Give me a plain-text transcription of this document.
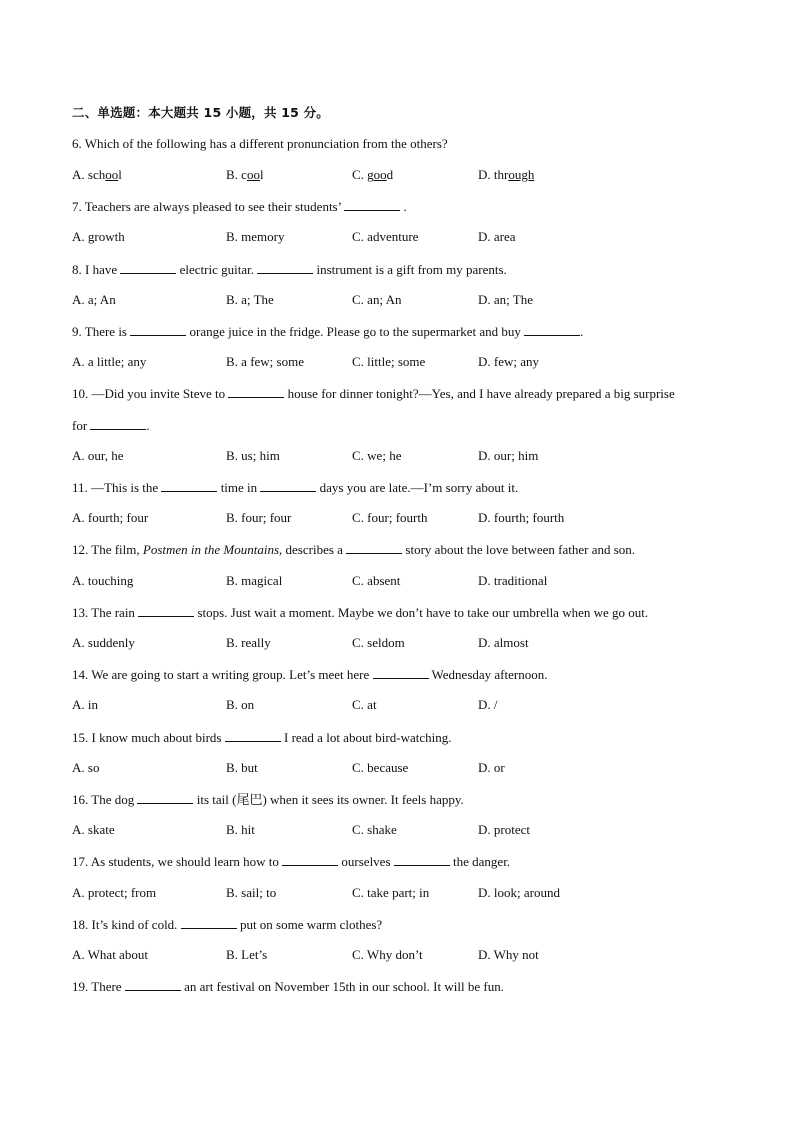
二、单选题：本大题共 15 小题，共 15 分。
6. Which of the following has a different pronunciation from the others?
A. school	B. cool	C. good	D. through
7. Teachers are always pleased to see their students’	.
A. growth	B. memory	C. adventure	D. area
8. I have	electric guitar.	instrument is a gift from my parents.
A. a; An	B. a; The	C. an; An	D. an; The
9. There is	orange juice in the fridge. Please go to the supermarket and buy	.
A. a little; any	B. a few; some	C. little; some	D. few; any
10. —Did you invite Steve to	house for dinner tonight?—Yes, and I have already prepared a big surprise
for	.
A. our, he	B. us; him	C. we; he	D. our; him
11. —This is the	time in	days you are late.—I’m sorry about it.
A. fourth; four	B. four; four	C. four; fourth	D. fourth; fourth
12. The film, Postmen in the Mountains, describes a	story about the love between father and son.
A. touching	B. magical	C. absent	D. traditional
13. The rain	stops. Just wait a moment. Maybe we don’t have to take our umbrella when we go out.
A. suddenly	B. really	C. seldom	D. almost
14. We are going to start a writing group. Let’s meet here	Wednesday afternoon.
A. in	B. on	C. at	D. /
15. I know much about birds	I read a lot about bird-watching.
A. so	B. but	C. because	D. or
16. The dog	its tail (尾巴) when it sees its owner. It feels happy.
A. skate	B. hit	C. shake	D. protect
17. As students, we should learn how to	ourselves	the danger.
A. protect; from	B. sail; to	C. take part; in	D. look; around
18. It’s kind of cold.	put on some warm clothes?
A. What about	B. Let’s	C. Why don’t	D. Why not
19. There	an art festival on November 15th in our school. It will be fun.
